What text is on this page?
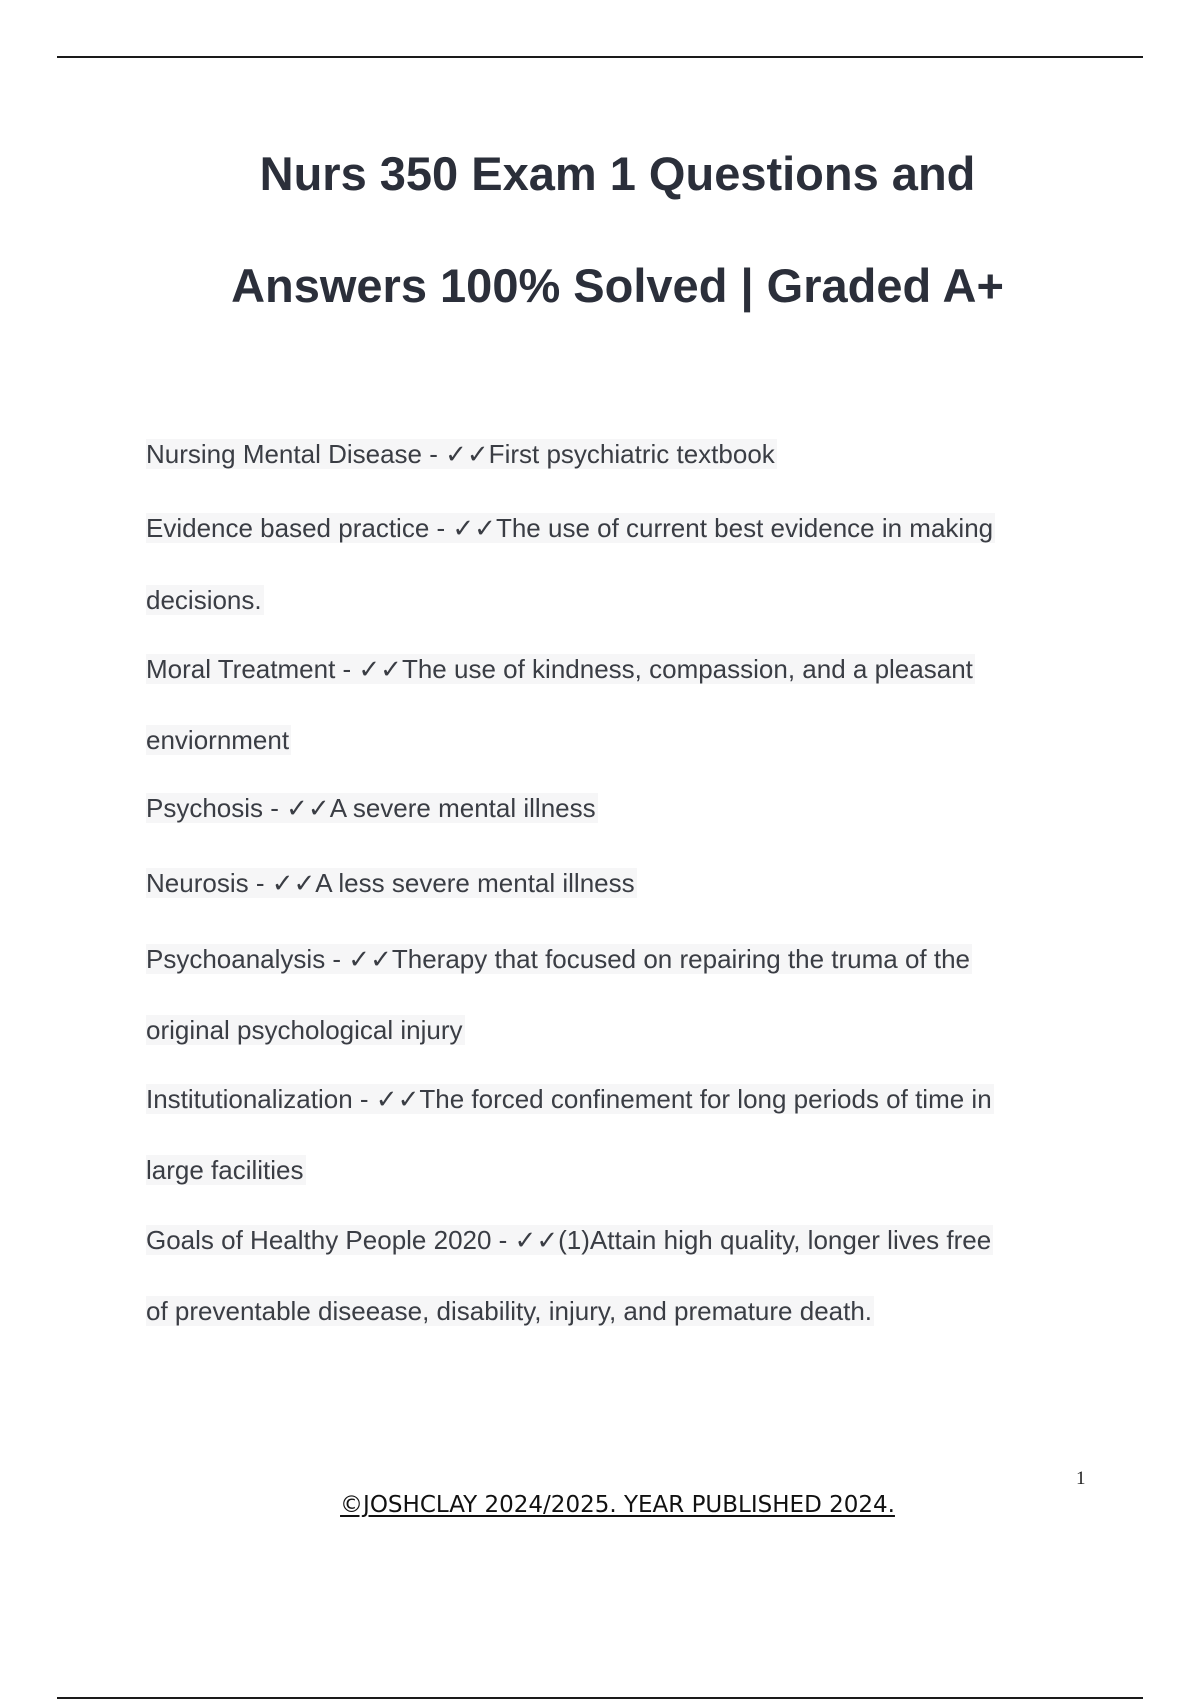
Nurs 350 Exam 1 Questions and
Answers 100% Solved | Graded A+
Nursing Mental Disease - ✓✓First psychiatric textbook
Evidence based practice - ✓✓The use of current best evidence in making
decisions.
Moral Treatment - ✓✓The use of kindness, compassion, and a pleasant
enviornment
Psychosis - ✓✓A severe mental illness
Neurosis - ✓✓A less severe mental illness
Psychoanalysis - ✓✓Therapy that focused on repairing the truma of the
original psychological injury
Institutionalization - ✓✓The forced confinement for long periods of time in
large facilities
Goals of Healthy People 2020 - ✓✓(1)Attain high quality, longer lives free
of preventable diseease, disability, injury, and premature death.
1
©JOSHCLAY 2024/2025. YEAR PUBLISHED 2024.
